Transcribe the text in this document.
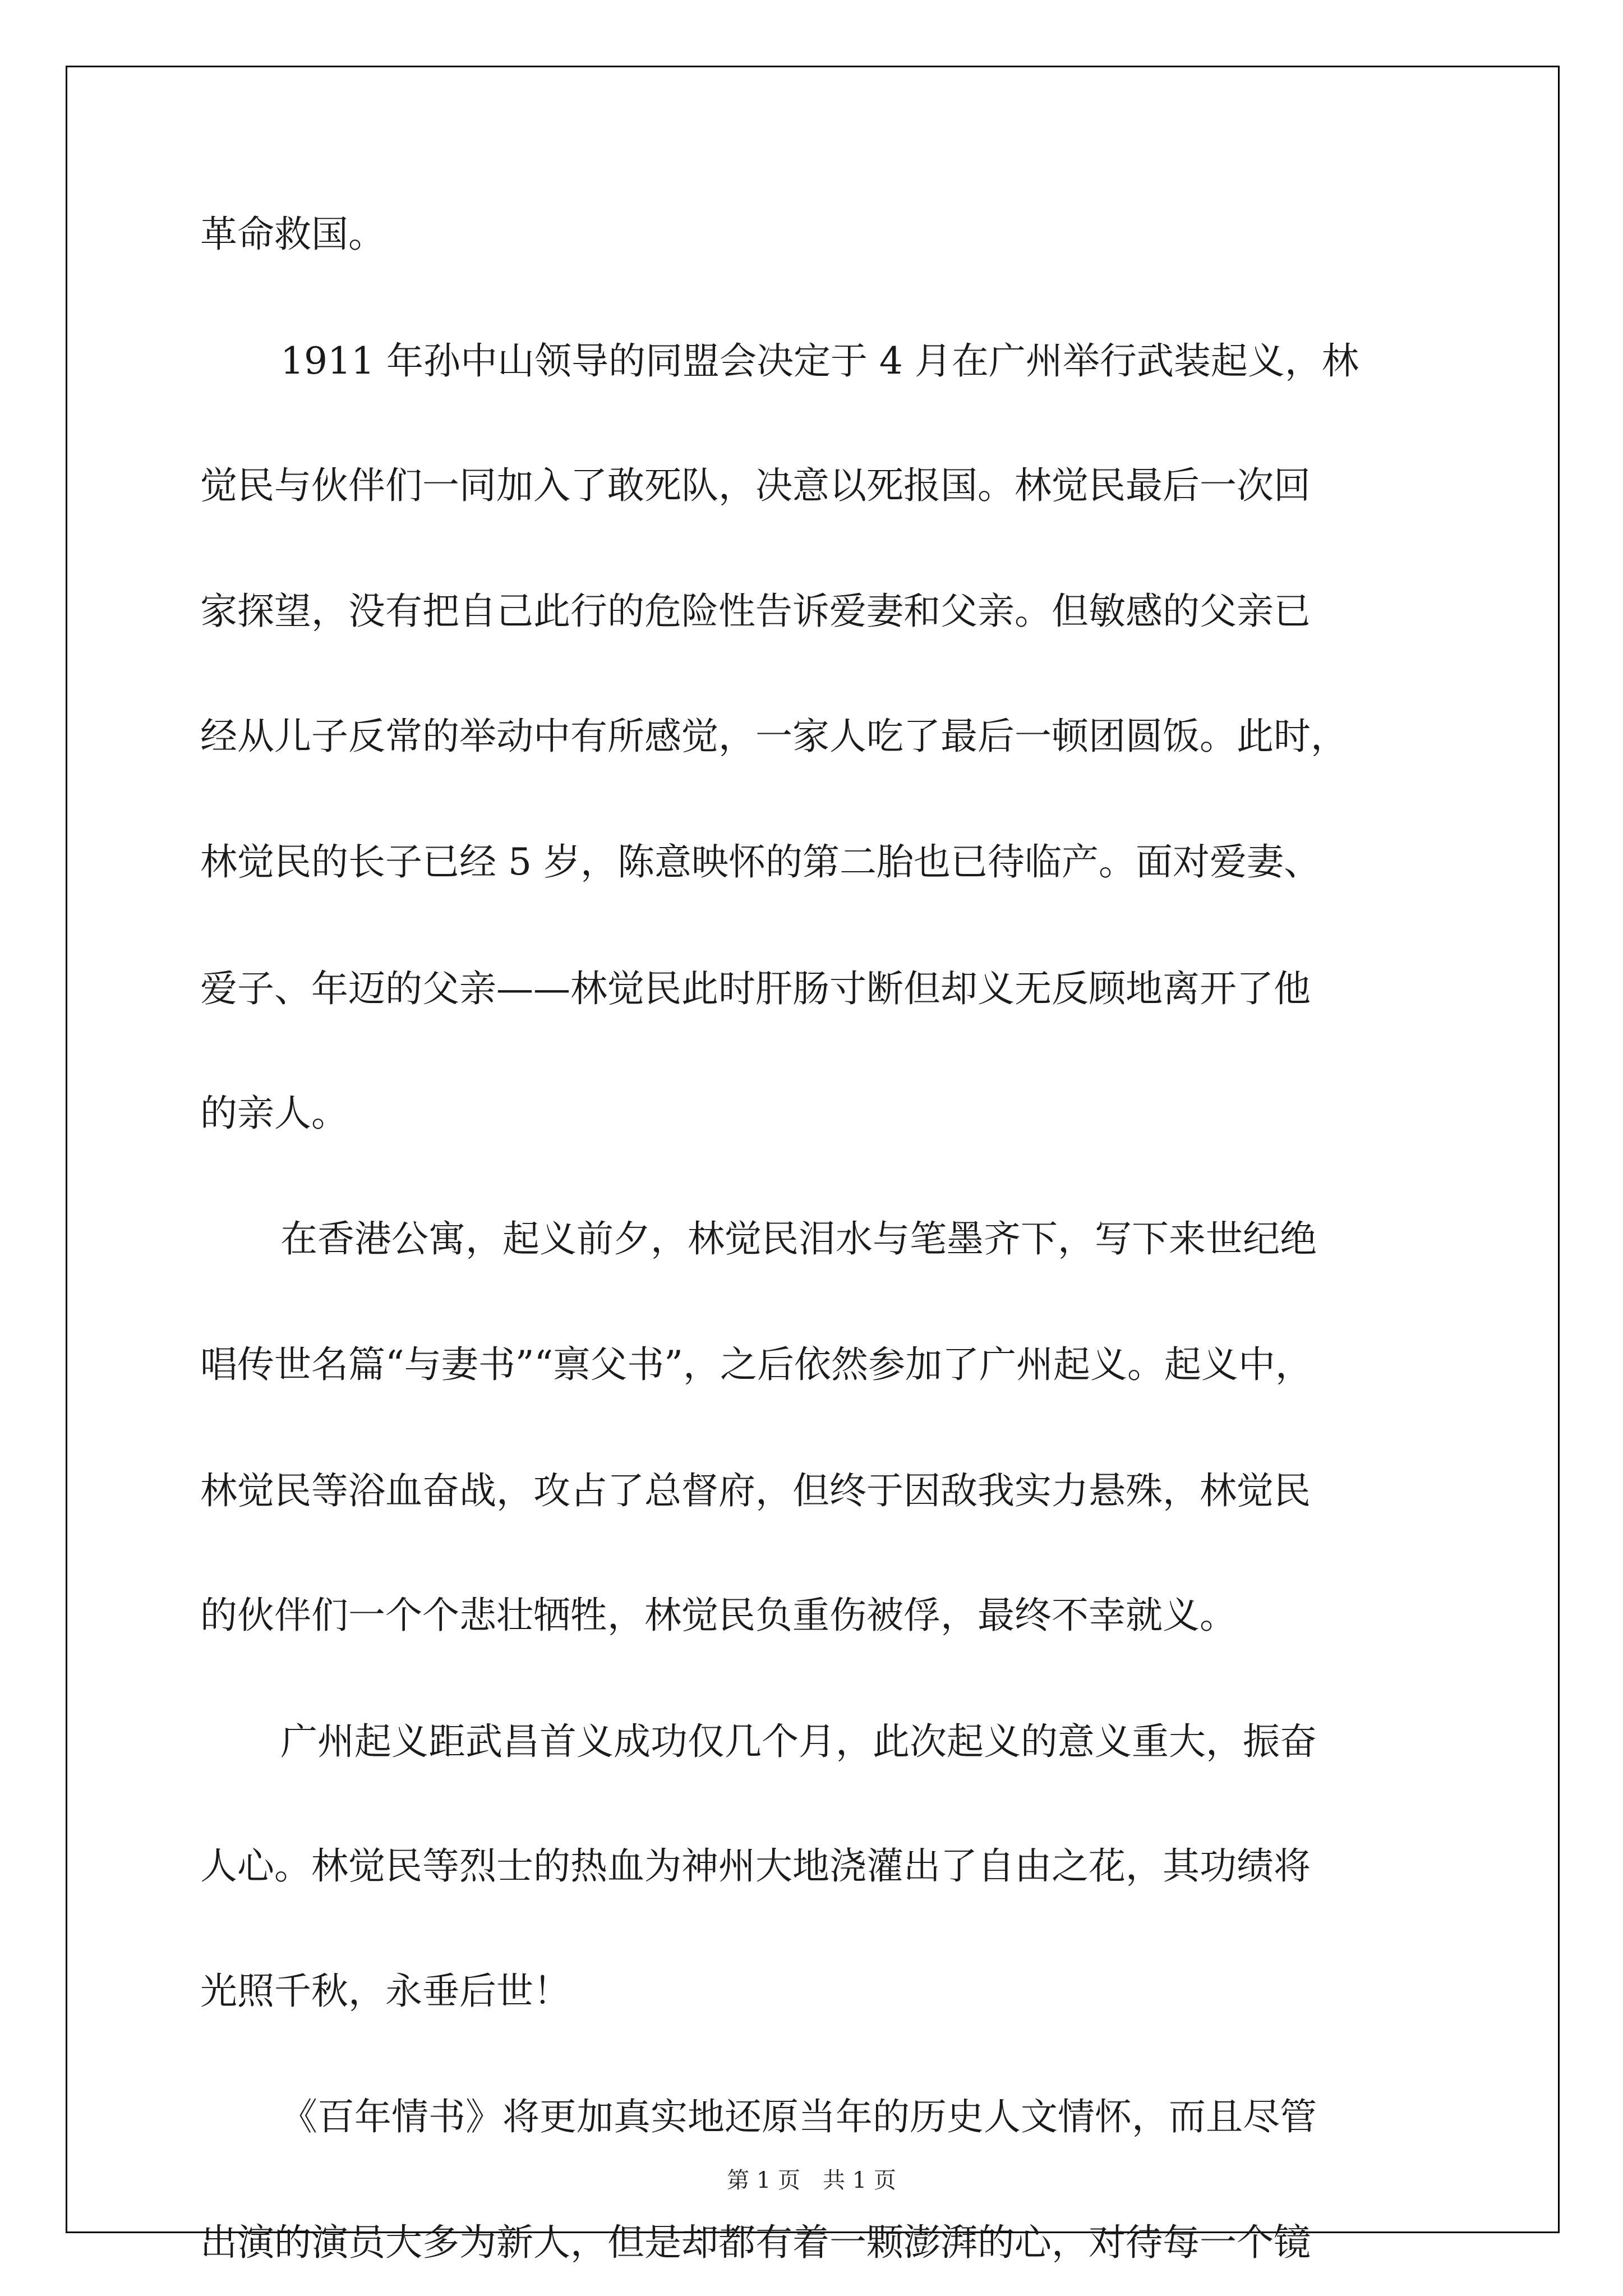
革命救国。

1911 年孙中山领导的同盟会决定于 4 月在广州举行武装起义，林

觉民与伙伴们一同加入了敢死队，决意以死报国。林觉民最后一次回

家探望，没有把自己此行的危险性告诉爱妻和父亲。但敏感的父亲已

经从儿子反常的举动中有所感觉，一家人吃了最后一顿团圆饭。此时，

林觉民的长子已经 5 岁，陈意映怀的第二胎也已待临产。面对爱妻、

爱子、年迈的父亲——林觉民此时肝肠寸断但却义无反顾地离开了他

的亲人。

在香港公寓，起义前夕，林觉民泪水与笔墨齐下，写下来世纪绝

唱传世名篇“与妻书”“禀父书”，之后依然参加了广州起义。起义中，

林觉民等浴血奋战，攻占了总督府，但终于因敌我实力悬殊，林觉民

的伙伴们一个个悲壮牺牲，林觉民负重伤被俘，最终不幸就义。

广州起义距武昌首义成功仅几个月，此次起义的意义重大，振奋

人心。林觉民等烈士的热血为神州大地浇灌出了自由之花，其功绩将

光照千秋，永垂后世！

《百年情书》将更加真实地还原当年的历史人文情怀，而且尽管

出演的演员大多为新人，但是却都有着一颗澎湃的心，对待每一个镜

第 1 页　共 1 页
